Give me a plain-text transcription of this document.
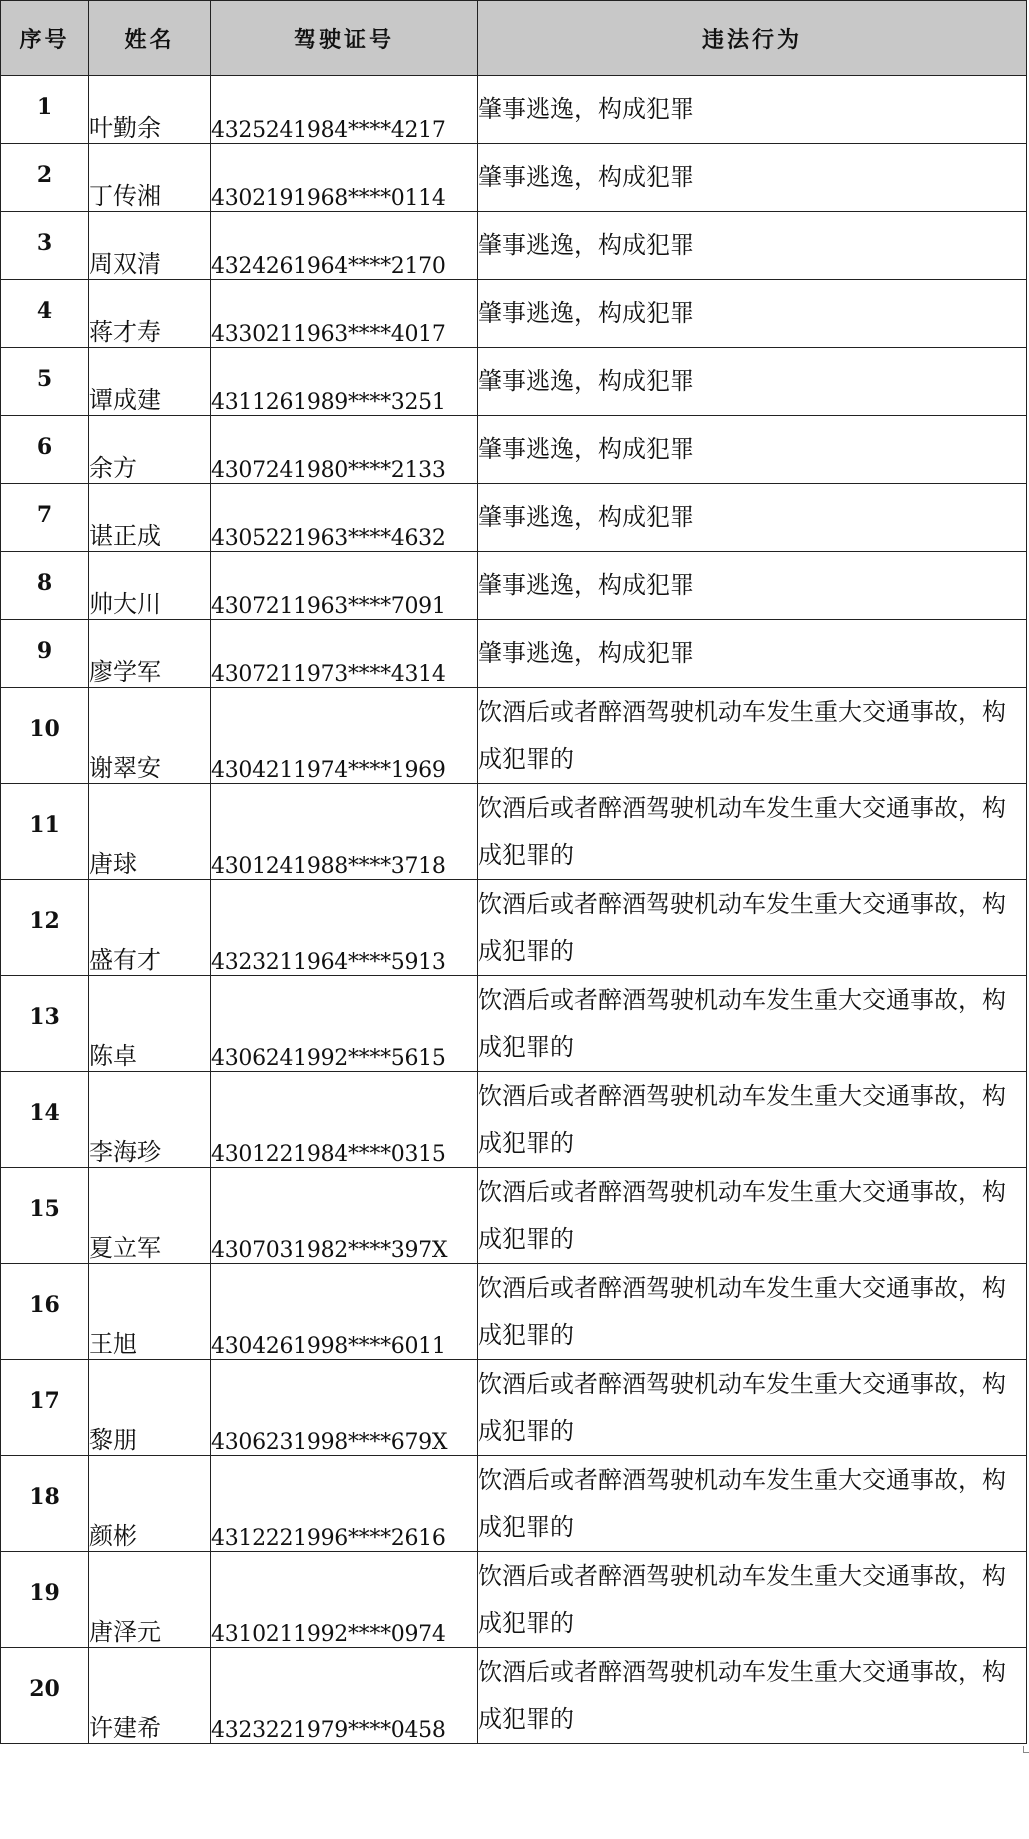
序号	姓名	驾驶证号	违法行为
1	叶勤余	4325241984****4217	肇事逃逸，构成犯罪
2	丁传湘	4302191968****0114	肇事逃逸，构成犯罪
3	周双清	4324261964****2170	肇事逃逸，构成犯罪
4	蒋才寿	4330211963****4017	肇事逃逸，构成犯罪
5	谭成建	4311261989****3251	肇事逃逸，构成犯罪
6	余方	4307241980****2133	肇事逃逸，构成犯罪
7	谌正成	4305221963****4632	肇事逃逸，构成犯罪
8	帅大川	4307211963****7091	肇事逃逸，构成犯罪
9	廖学军	4307211973****4314	肇事逃逸，构成犯罪
10	谢翠安	4304211974****1969	饮酒后或者醉酒驾驶机动车发生重大交通事故，构成犯罪的
11	唐球	4301241988****3718	饮酒后或者醉酒驾驶机动车发生重大交通事故，构成犯罪的
12	盛有才	4323211964****5913	饮酒后或者醉酒驾驶机动车发生重大交通事故，构成犯罪的
13	陈卓	4306241992****5615	饮酒后或者醉酒驾驶机动车发生重大交通事故，构成犯罪的
14	李海珍	4301221984****0315	饮酒后或者醉酒驾驶机动车发生重大交通事故，构成犯罪的
15	夏立军	4307031982****397X	饮酒后或者醉酒驾驶机动车发生重大交通事故，构成犯罪的
16	王旭	4304261998****6011	饮酒后或者醉酒驾驶机动车发生重大交通事故，构成犯罪的
17	黎朋	4306231998****679X	饮酒后或者醉酒驾驶机动车发生重大交通事故，构成犯罪的
18	颜彬	4312221996****2616	饮酒后或者醉酒驾驶机动车发生重大交通事故，构成犯罪的
19	唐泽元	4310211992****0974	饮酒后或者醉酒驾驶机动车发生重大交通事故，构成犯罪的
20	许建希	4323221979****0458	饮酒后或者醉酒驾驶机动车发生重大交通事故，构成犯罪的
